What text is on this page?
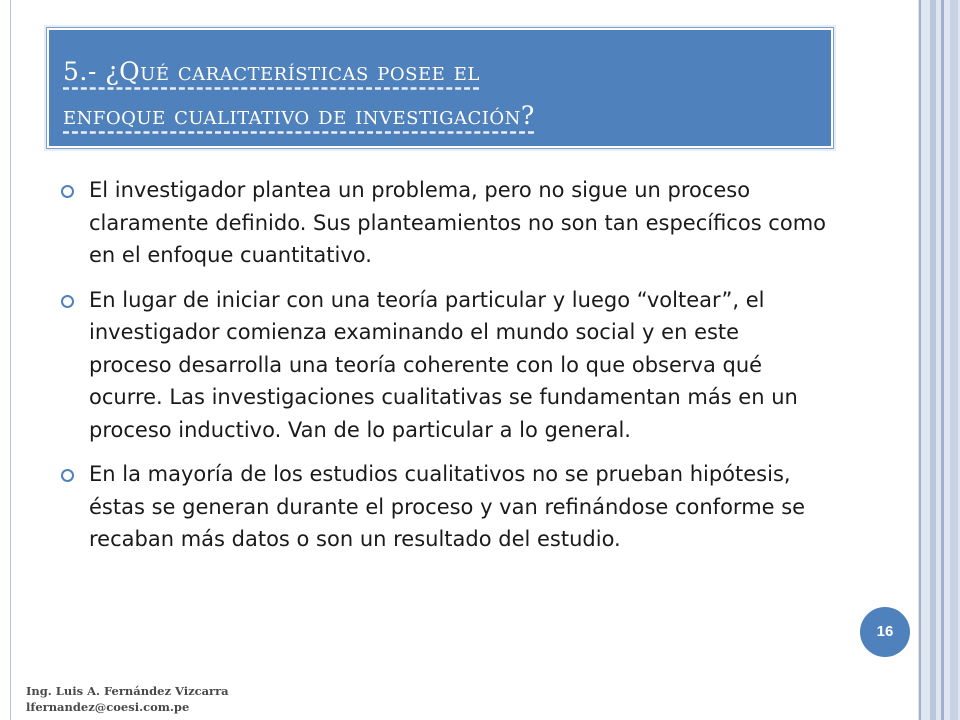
5.- ¿Qué características posee el
enfoque cualitativo de investigación?
El investigador plantea un problema, pero no sigue un proceso claramente definido. Sus planteamientos no son tan específicos como en el enfoque cuantitativo.
En lugar de iniciar con una teoría particular y luego “voltear”, el investigador comienza examinando el mundo social y en este proceso desarrolla una teoría coherente con lo que observa qué ocurre. Las investigaciones cualitativas se fundamentan más en un proceso inductivo. Van de lo particular a lo general.
En la mayoría de los estudios cualitativos no se prueban hipótesis, éstas se generan durante el proceso y van refinándose conforme se recaban más datos o son un resultado del estudio.
16
Ing. Luis A. Fernández Vizcarra
lfernandez@coesi.com.pe
